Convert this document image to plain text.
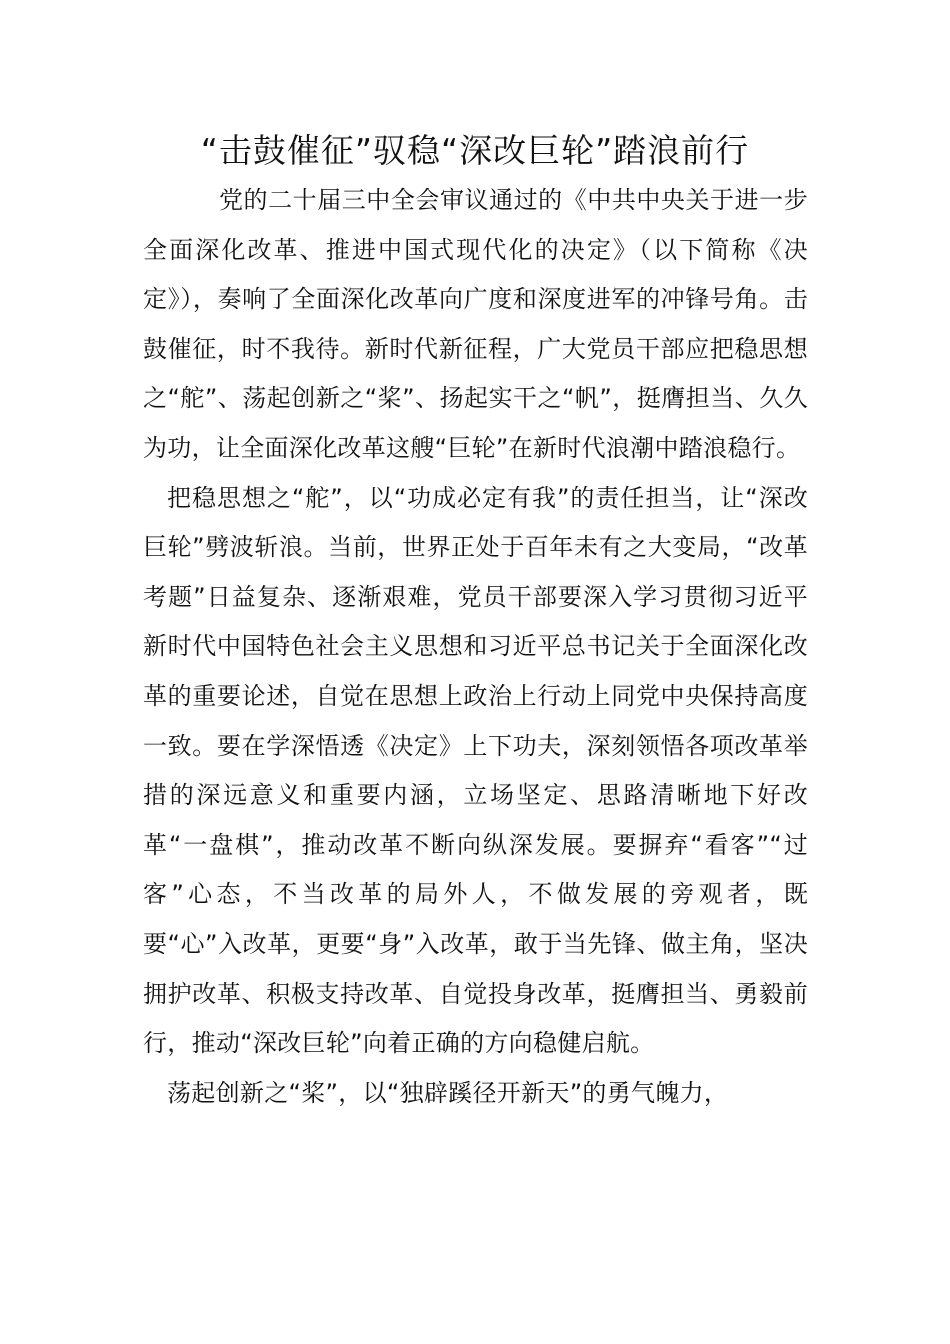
“击鼓催征”驭稳“深改巨轮”踏浪前行

党的二十届三中全会审议通过的《中共中央关于进一步全面深化改革、推进中国式现代化的决定》（以下简称《决定》），奏响了全面深化改革向广度和深度进军的冲锋号角。击鼓催征，时不我待。新时代新征程，广大党员干部应把稳思想之“舵”、荡起创新之“桨”、扬起实干之“帆”，挺膺担当、久久为功，让全面深化改革这艘“巨轮”在新时代浪潮中踏浪稳行。

把稳思想之“舵”，以“功成必定有我”的责任担当，让“深改巨轮”劈波斩浪。当前，世界正处于百年未有之大变局，“改革考题”日益复杂、逐渐艰难，党员干部要深入学习贯彻习近平新时代中国特色社会主义思想和习近平总书记关于全面深化改革的重要论述，自觉在思想上政治上行动上同党中央保持高度一致。要在学深悟透《决定》上下功夫，深刻领悟各项改革举措的深远意义和重要内涵，立场坚定、思路清晰地下好改革“一盘棋”，推动改革不断向纵深发展。要摒弃“看客”“过客”心态，不当改革的局外人，不做发展的旁观者，既要“心”入改革，更要“身”入改革，敢于当先锋、做主角，坚决拥护改革、积极支持改革、自觉投身改革，挺膺担当、勇毅前行，推动“深改巨轮”向着正确的方向稳健启航。

荡起创新之“桨”，以“独辟蹊径开新天”的勇气魄力，
